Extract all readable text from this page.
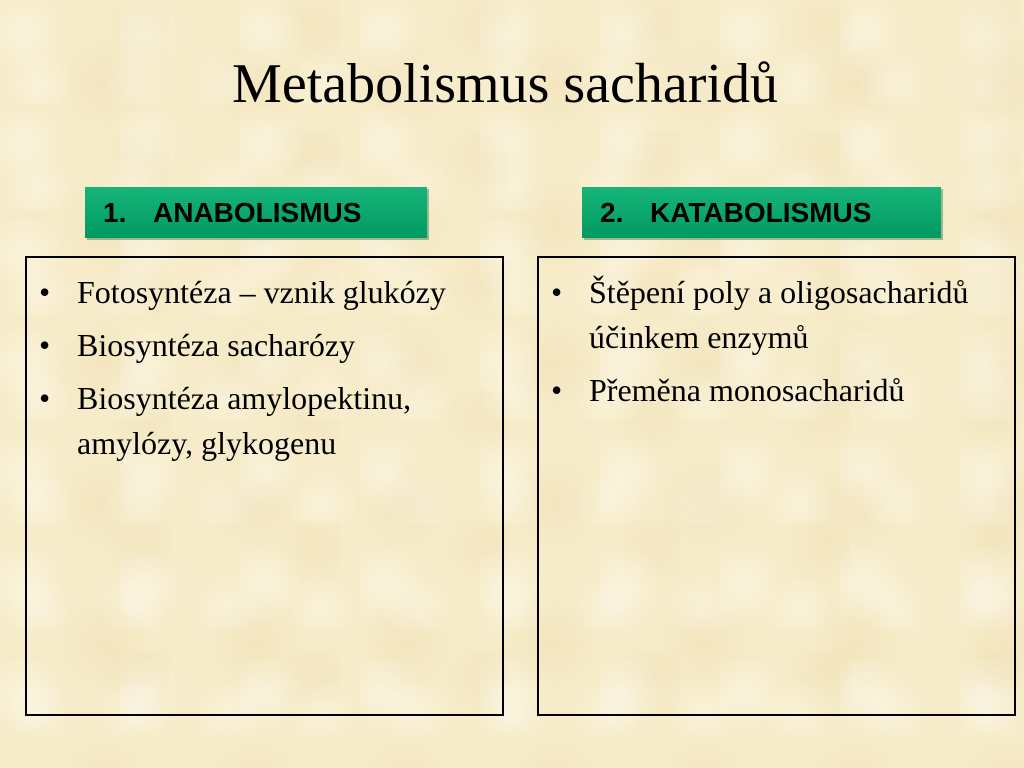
Metabolismus sacharidů
1. ANABOLISMUS	2. KATABOLISMUS
• Fotosyntéza – vznik glukózy
• Biosyntéza sacharózy
• Biosyntéza amylopektinu, amylózy, glykogenu
• Štěpení poly a oligosacharidů účinkem enzymů
• Přeměna monosacharidů
